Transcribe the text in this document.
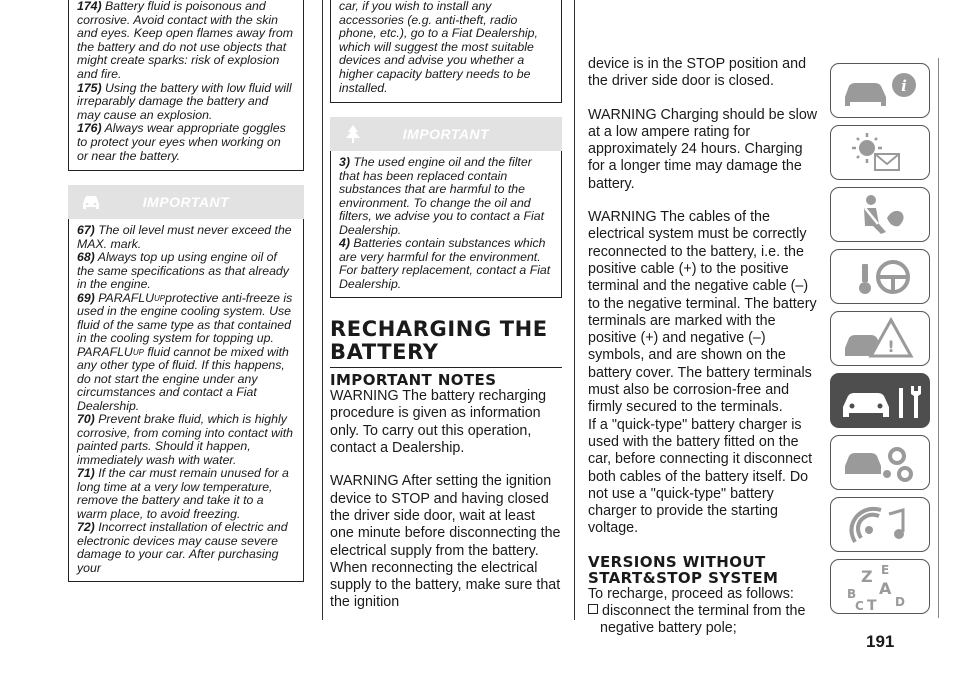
174) Battery fluid is poisonous and corrosive. Avoid contact with the skin and eyes. Keep open flames away from the battery and do not use objects that might create sparks: risk of explosion and fire.

175) Using the battery with low fluid will irreparably damage the battery and may cause an explosion.

176) Always wear appropriate goggles to protect your eyes when working on or near the battery.

IMPORTANT

67) The oil level must never exceed the MAX. mark.

68) Always top up using engine oil of the same specifications as that already in the engine.

69) $PARAFLU^{UP}protective$ anti-freeze is used in the engine cooling system. Use fluid of the same type as that contained in the cooling system for topping up. $PARAFLU^{UP}$ fluid cannot be mixed with any other type of fluid. If this happens, do not start the engine under any circumstances and contact a Fiat Dealership.

70) Prevent brake fluid, which is highly corrosive, from coming into contact with painted parts. Should it happen, immediately wash with water.

71) If the car must remain unused for a long time at a very low temperature, remove the battery and take it to a warm place, to avoid freezing.

72) Incorrect installation of electric and electronic devices may cause severe damage to your car. After purchasing your

car, if you wish to install any accessories (e.g. anti-theft, radio phone, etc.), go to a Fiat Dealership, which will suggest the most suitable devices and advise you whether a higher capacity battery needs to be installed.

IMPORTANT

3) The used engine oil and the filter that has been replaced contain substances that are harmful to the environment. To change the oil and filters, we advise you to contact a Fiat Dealership.

4) Batteries contain substances which are very harmful for the environment. For battery replacement, contact a Fiat Dealership.

RECHARGING THE BATTERY
IMPORTANT NOTES

WARNING The battery recharging procedure is given as information only. To carry out this operation, contact a Dealership.

WARNING After setting the ignition device to STOP and having closed the driver side door, wait at least one minute before disconnecting the electrical supply from the battery. When reconnecting the electrical supply to the battery, make sure that the ignition

device is in the STOP position and the driver side door is closed.

WARNING Charging should be slow at a low ampere rating for approximately 24 hours. Charging for a longer time may damage the battery.

WARNING The cables of the electrical system must be correctly reconnected to the battery, i.e. the positive cable (+) to the positive terminal and the negative cable (–) to the negative terminal. The battery terminals are marked with the positive (+) and negative (–) symbols, and are shown on the battery cover. The battery terminals must also be corrosion-free and firmly secured to the terminals.

If a "quick-type" battery charger is used with the battery fitted on the car, before connecting it disconnect both cables of the battery itself. Do not use a "quick-type" battery charger to provide the starting voltage.

VERSIONS WITHOUT START&STOP SYSTEM

To recharge, proceed as follows:

disconnect the terminal from the negative battery pole;

i
!
Z E
A
B
C	D
T
191
